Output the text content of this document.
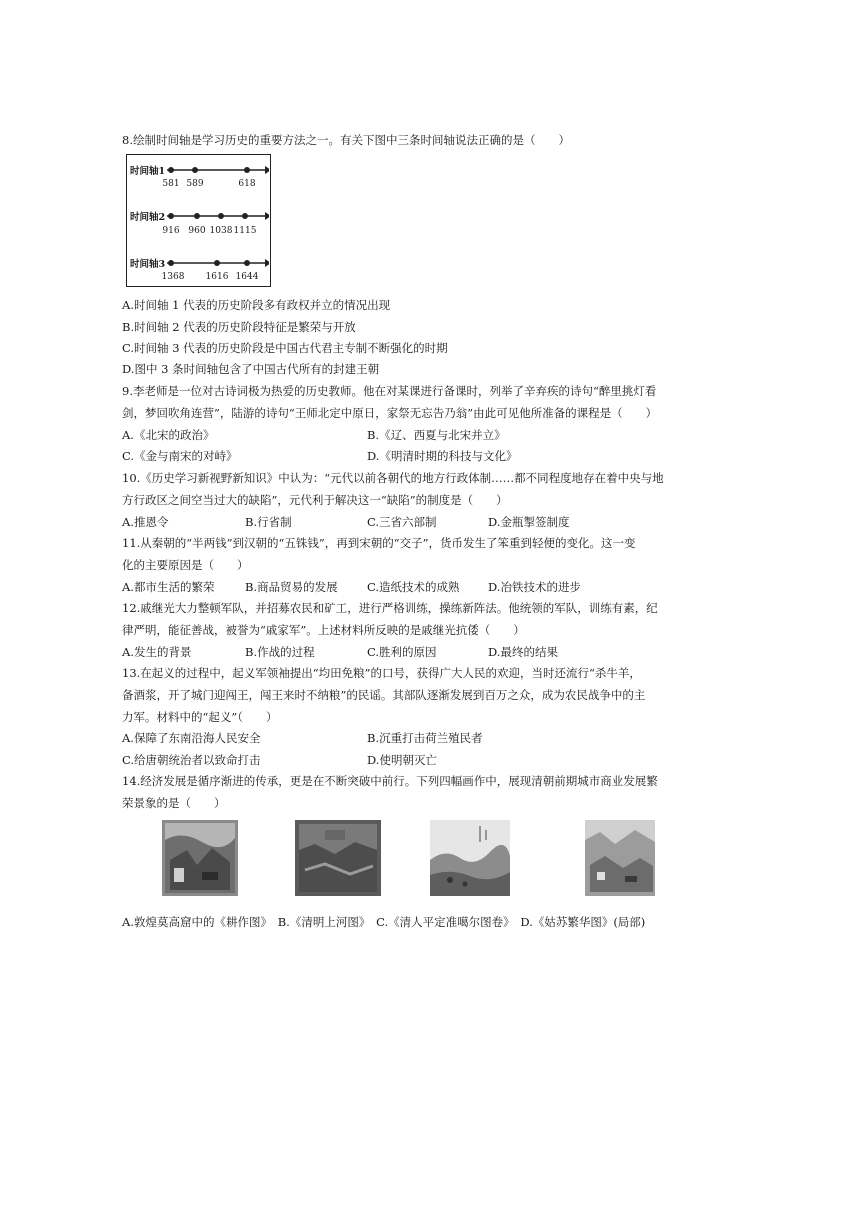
8.绘制时间轴是学习历史的重要方法之一。有关下图中三条时间轴说法正确的是（　　）
时间轴1
581 589	618
时间轴2
916 960 1038 1115
时间轴3
1368 1616 1644
A.时间轴 1 代表的历史阶段多有政权并立的情况出现
B.时间轴 2 代表的历史阶段特征是繁荣与开放
C.时间轴 3 代表的历史阶段是中国古代君主专制不断强化的时期
D.图中 3 条时间轴包含了中国古代所有的封建王朝
9.李老师是一位对古诗词极为热爱的历史教师。他在对某课进行备课时，列举了辛弃疾的诗句“醉里挑灯看
剑，梦回吹角连营”，陆游的诗句“王师北定中原日，家祭无忘告乃翁”由此可见他所准备的课程是（　　）
A.《北宋的政治》	B.《辽、西夏与北宋并立》
C.《金与南宋的对峙》	D.《明清时期的科技与文化》
10.《历史学习新视野新知识》中认为：“元代以前各朝代的地方行政体制……都不同程度地存在着中央与地
方行政区之间空当过大的缺陷”，元代利于解决这一“缺陷”的制度是（　　）
A.推恩令	B.行省制	C.三省六部制	D.金瓶掣签制度
11.从秦朝的“半两钱”到汉朝的“五铢钱”，再到宋朝的“交子”，货币发生了笨重到轻便的变化。这一变
化的主要原因是（　　）
A.都市生活的繁荣	B.商品贸易的发展	C.造纸技术的成熟 D.冶铁技术的进步
12.戚继光大力整顿军队，并招募农民和矿工，进行严格训练，操练新阵法。他统领的军队，训练有素，纪
律严明，能征善战，被誉为“戚家军”。上述材料所反映的是戚继光抗倭（　　）
A.发生的背景	B.作战的过程	C.胜利的原因	D.最终的结果
13.在起义的过程中，起义军领袖提出“均田免粮”的口号，获得广大人民的欢迎，当时还流行“杀牛羊，
备酒浆，开了城门迎闯王，闯王来时不纳粮”的民谣。其部队逐渐发展到百万之众，成为农民战争中的主
力军。材料中的“起义”（　　）
A.保障了东南沿海人民安全	B.沉重打击荷兰殖民者
C.给唐朝统治者以致命打击	D.使明朝灭亡
14.经济发展是循序渐进的传承，更是在不断突破中前行。下列四幅画作中，展现清朝前期城市商业发展繁
荣景象的是（　　）
A.敦煌莫高窟中的《耕作图》　B.《清明上河图》　C.《清人平定准噶尔图卷》　D.《姑苏繁华图》(局部)
